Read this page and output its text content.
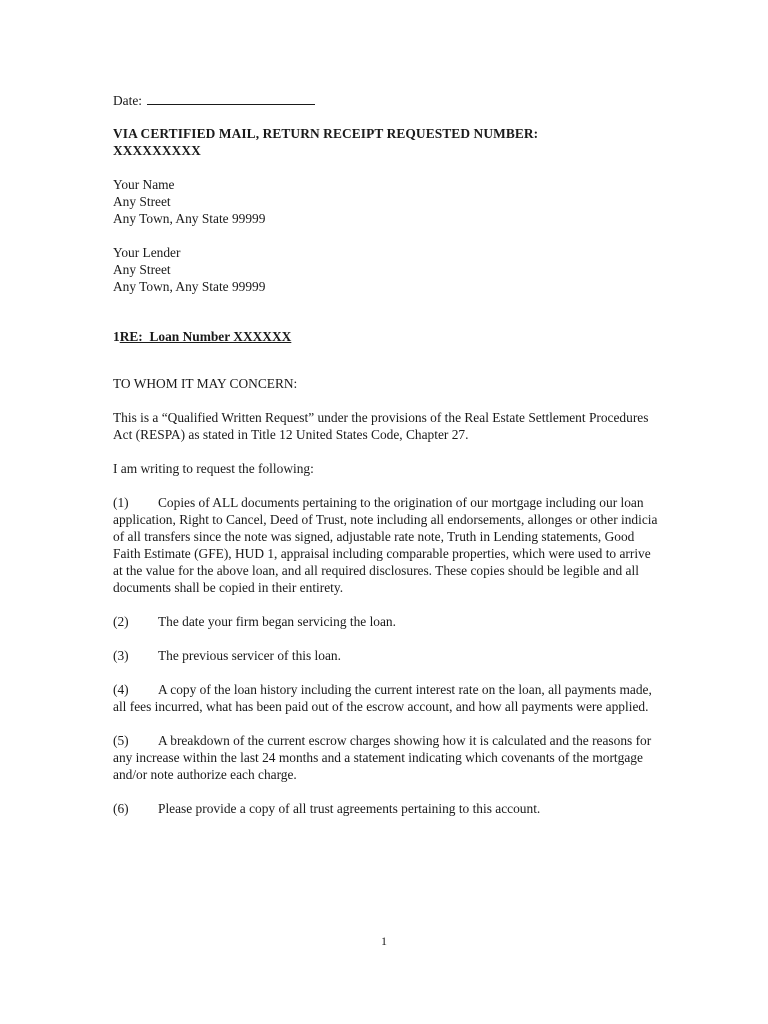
Date:
VIA CERTIFIED MAIL, RETURN RECEIPT REQUESTED NUMBER:
XXXXXXXXX
Your Name
Any Street
Any Town, Any State 99999
Your Lender
Any Street
Any Town, Any State 99999
1RE:  Loan Number XXXXXX
TO WHOM IT MAY CONCERN:

This is a “Qualified Written Request” under the provisions of the Real Estate Settlement Procedures Act (RESPA) as stated in Title 12 United States Code, Chapter 27.

I am writing to request the following:

(1) Copies of ALL documents pertaining to the origination of our mortgage including our loan application, Right to Cancel, Deed of Trust, note including all endorsements, allonges or other indicia of all transfers since the note was signed, adjustable rate note, Truth in Lending statements, Good Faith Estimate (GFE), HUD 1, appraisal including comparable properties, which were used to arrive at the value for the above loan, and all required disclosures. These copies should be legible and all documents shall be copied in their entirety.
(2) The date your firm began servicing the loan.
(3) The previous servicer of this loan.
(4) A copy of the loan history including the current interest rate on the loan, all payments made, all fees incurred, what has been paid out of the escrow account, and how all payments were applied.
(5) A breakdown of the current escrow charges showing how it is calculated and the reasons for any increase within the last 24 months and a statement indicating which covenants of the mortgage and/or note authorize each charge.
(6) Please provide a copy of all trust agreements pertaining to this account.
1
